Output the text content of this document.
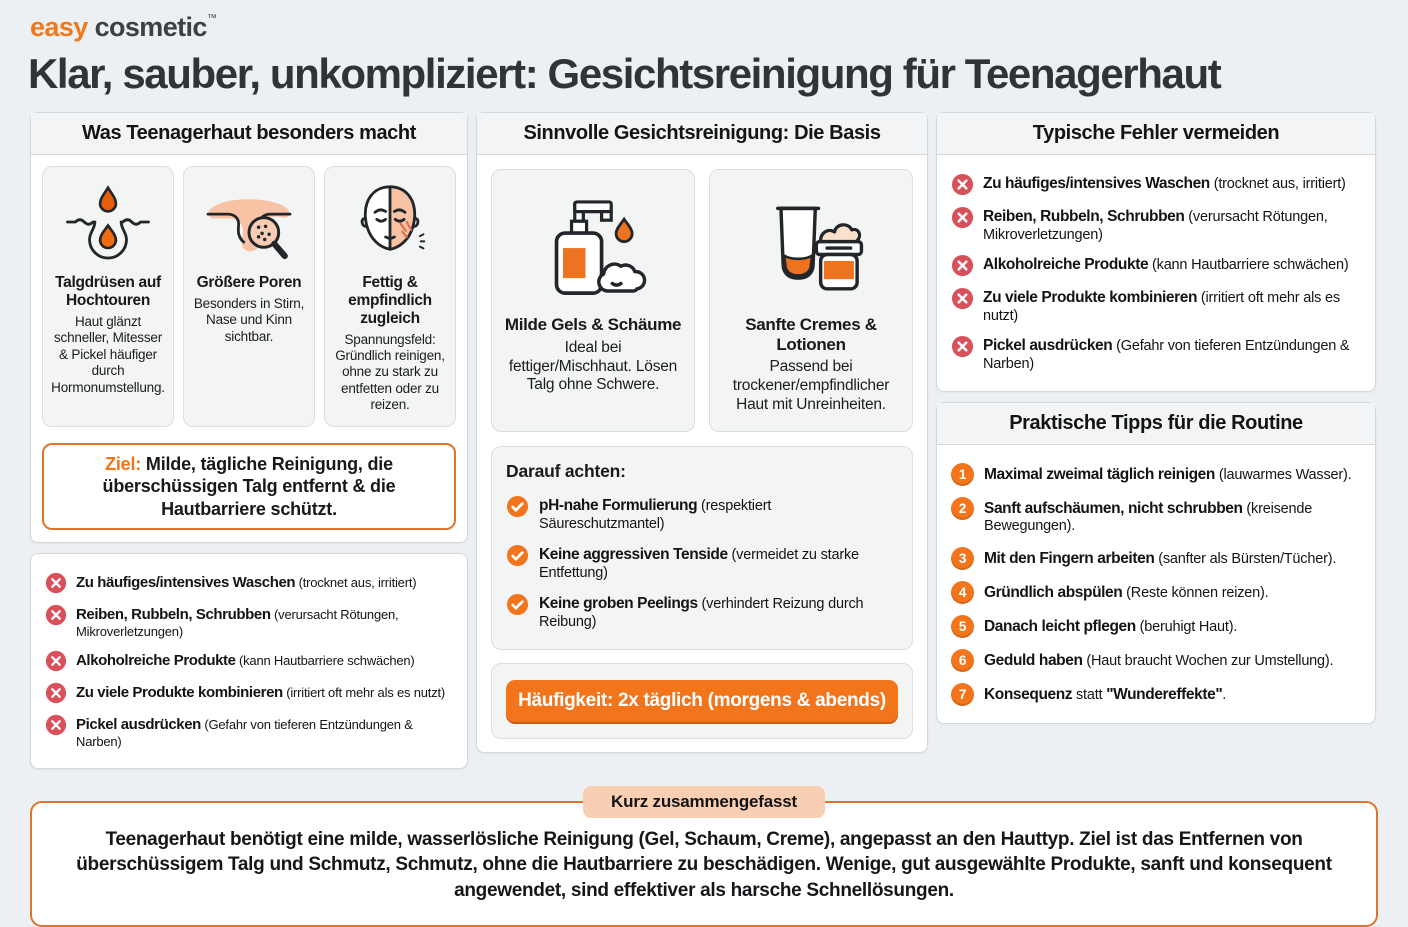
easy cosmetic™
Klar, sauber, unkompliziert: Gesichtsreinigung für Teenagerhaut
Was Teenagerhaut besonders macht
Talgdrüsen auf Hochtouren
Haut glänzt schneller, Mitesser & Pickel häufiger durch Hormonumstellung.
Größere Poren
Besonders in Stirn, Nase und Kinn sichtbar.
Fettig & empfindlich zugleich
Spannungsfeld: Gründlich reinigen, ohne zu stark zu entfetten oder zu reizen.
Ziel: Milde, tägliche Reinigung, die überschüssigen Talg entfernt & die Hautbarriere schützt.
Zu häufiges/intensives Waschen (trocknet aus, irritiert)
Reiben, Rubbeln, Schrubben (verursacht Rötungen, Mikroverletzungen)
Alkoholreiche Produkte (kann Hautbarriere schwächen)
Zu viele Produkte kombinieren (irritiert oft mehr als es nutzt)
Pickel ausdrücken (Gefahr von tieferen Entzündungen & Narben)
Sinnvolle Gesichtsreinigung: Die Basis
Milde Gels & Schäume
Ideal bei fettiger/Mischhaut. Lösen Talg ohne Schwere.
Sanfte Cremes & Lotionen
Passend bei trockener/empfindlicher Haut mit Unreinheiten.
Darauf achten:
pH-nahe Formulierung (respektiert Säureschutzmantel)
Keine aggressiven Tenside (vermeidet zu starke Entfettung)
Keine groben Peelings (verhindert Reizung durch Reibung)
Häufigkeit: 2x täglich (morgens & abends)
Typische Fehler vermeiden
Zu häufiges/intensives Waschen (trocknet aus, irritiert)
Reiben, Rubbeln, Schrubben (verursacht Rötungen, Mikroverletzungen)
Alkoholreiche Produkte (kann Hautbarriere schwächen)
Zu viele Produkte kombinieren (irritiert oft mehr als es nutzt)
Pickel ausdrücken (Gefahr von tieferen Entzündungen & Narben)
Praktische Tipps für die Routine
1	Maximal zweimal täglich reinigen (lauwarmes Wasser).
2	Sanft aufschäumen, nicht schrubben (kreisende Bewegungen).
3	Mit den Fingern arbeiten (sanfter als Bürsten/Tücher).
4	Gründlich abspülen (Reste können reizen).
5	Danach leicht pflegen (beruhigt Haut).
6	Geduld haben (Haut braucht Wochen zur Umstellung).
7	Konsequenz statt "Wundereffekte".
Kurz zusammengefasst
Teenagerhaut benötigt eine milde, wasserlösliche Reinigung (Gel, Schaum, Creme), angepasst an den Hauttyp. Ziel ist das Entfernen von überschüssigem Talg und Schmutz, Schmutz, ohne die Hautbarriere zu beschädigen. Wenige, gut ausgewählte Produkte, sanft und konsequent angewendet, sind effektiver als harsche Schnellösungen.
